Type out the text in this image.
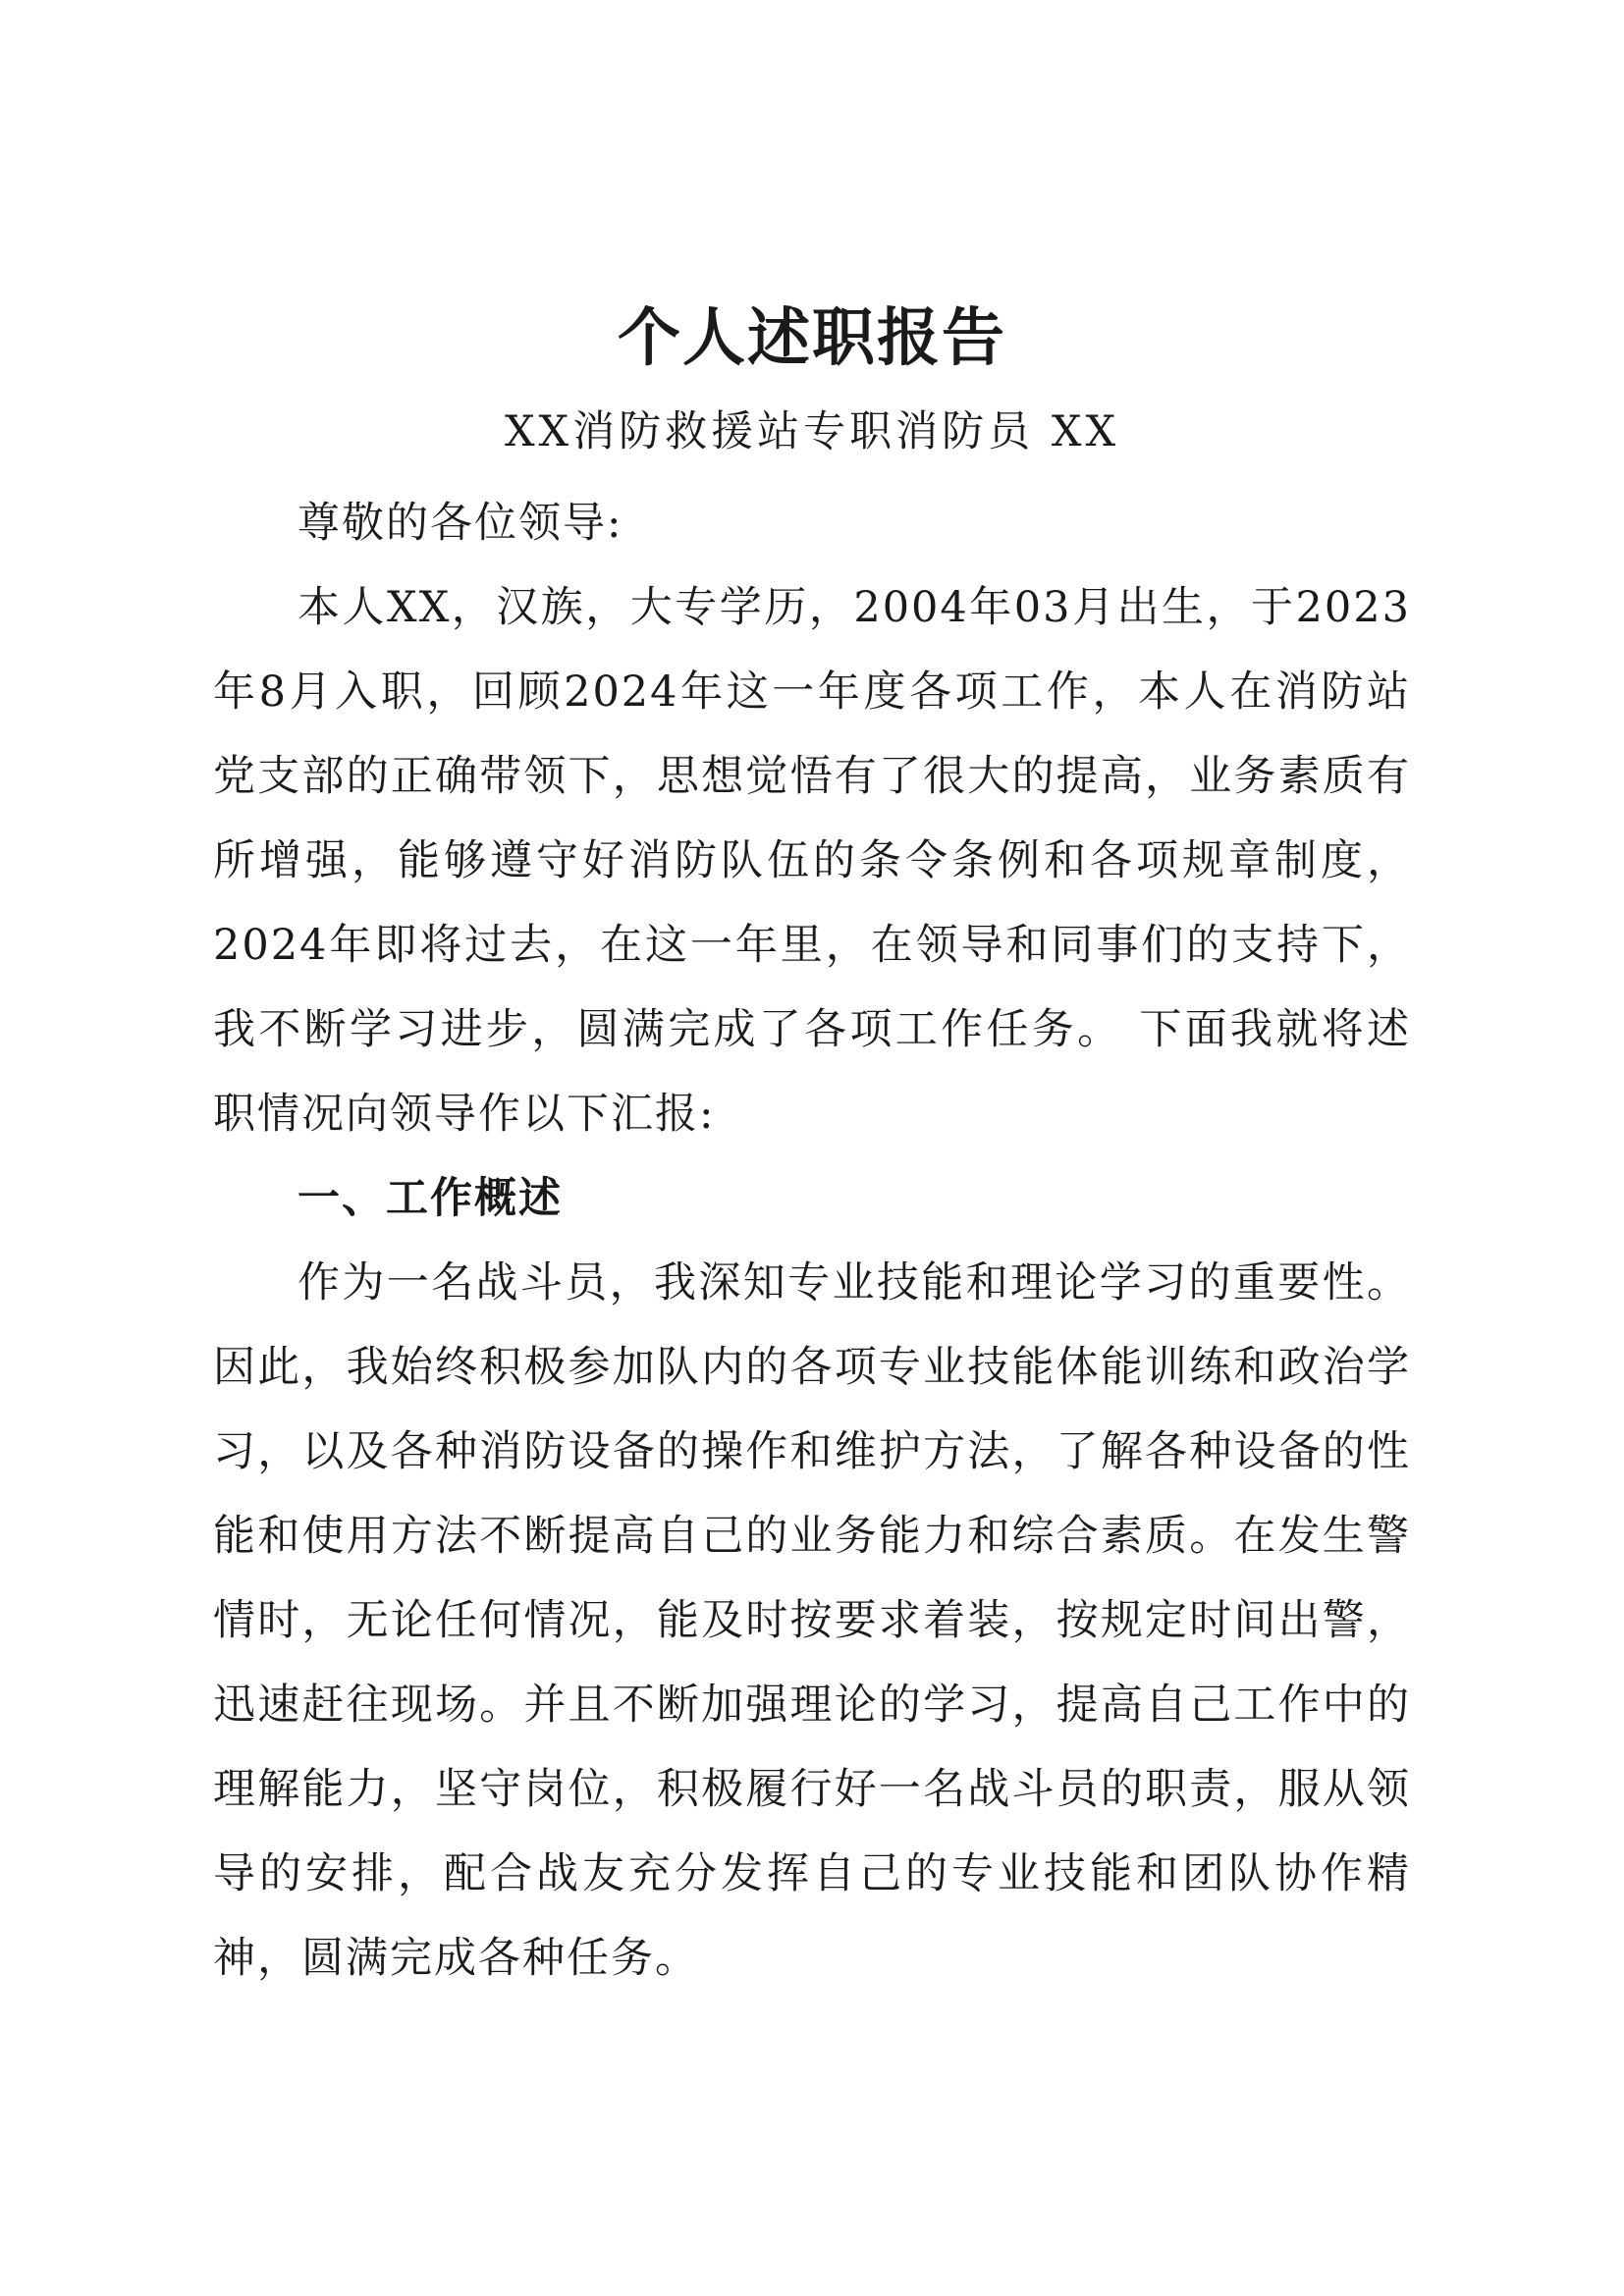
个人述职报告
XX消防救援站专职消防员 XX

尊敬的各位领导:

本人XX，汉族，大专学历，2004年03月出生，于2023年8月入职，回顾2024年这一年度各项工作，本人在消防站党支部的正确带领下，思想觉悟有了很大的提高，业务素质有所增强，能够遵守好消防队伍的条令条例和各项规章制度，2024年即将过去，在这一年里，在领导和同事们的支持下，我不断学习进步，圆满完成了各项工作任务。 下面我就将述职情况向领导作以下汇报:

一、工作概述

作为一名战斗员，我深知专业技能和理论学习的重要性。因此，我始终积极参加队内的各项专业技能体能训练和政治学习，以及各种消防设备的操作和维护方法，了解各种设备的性能和使用方法不断提高自己的业务能力和综合素质。在发生警情时，无论任何情况，能及时按要求着装，按规定时间出警，迅速赶往现场。并且不断加强理论的学习，提高自己工作中的理解能力，坚守岗位，积极履行好一名战斗员的职责，服从领导的安排，配合战友充分发挥自己的专业技能和团队协作精神，圆满完成各种任务。
